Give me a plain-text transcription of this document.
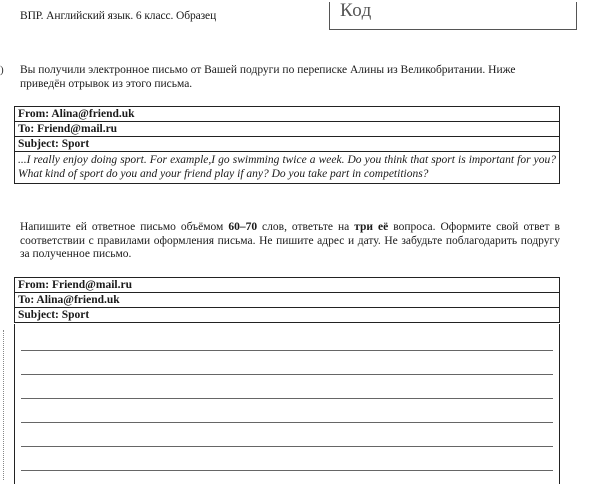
ВПР. Английский язык. 6 класс. Образец	Код
) Вы получили электронное письмо от Вашей подруги по переписке Алины из Великобритании. Ниже приведён отрывок из этого письма.
From: Alina@friend.uk
To: Friend@mail.ru
Subject: Sport
...I really enjoy doing sport. For example,I go swimming twice a week. Do you think that sport is important for you? What kind of sport do you and your friend play if any? Do you take part in competitions?
Напишите ей ответное письмо объёмом 60–70 слов, ответьте на три её вопроса. Оформите свой ответ в соответствии с правилами оформления письма. Не пишите адрес и дату. Не забудьте поблагодарить подругу за полученное письмо.
From: Friend@mail.ru
To: Alina@friend.uk
Subject: Sport
